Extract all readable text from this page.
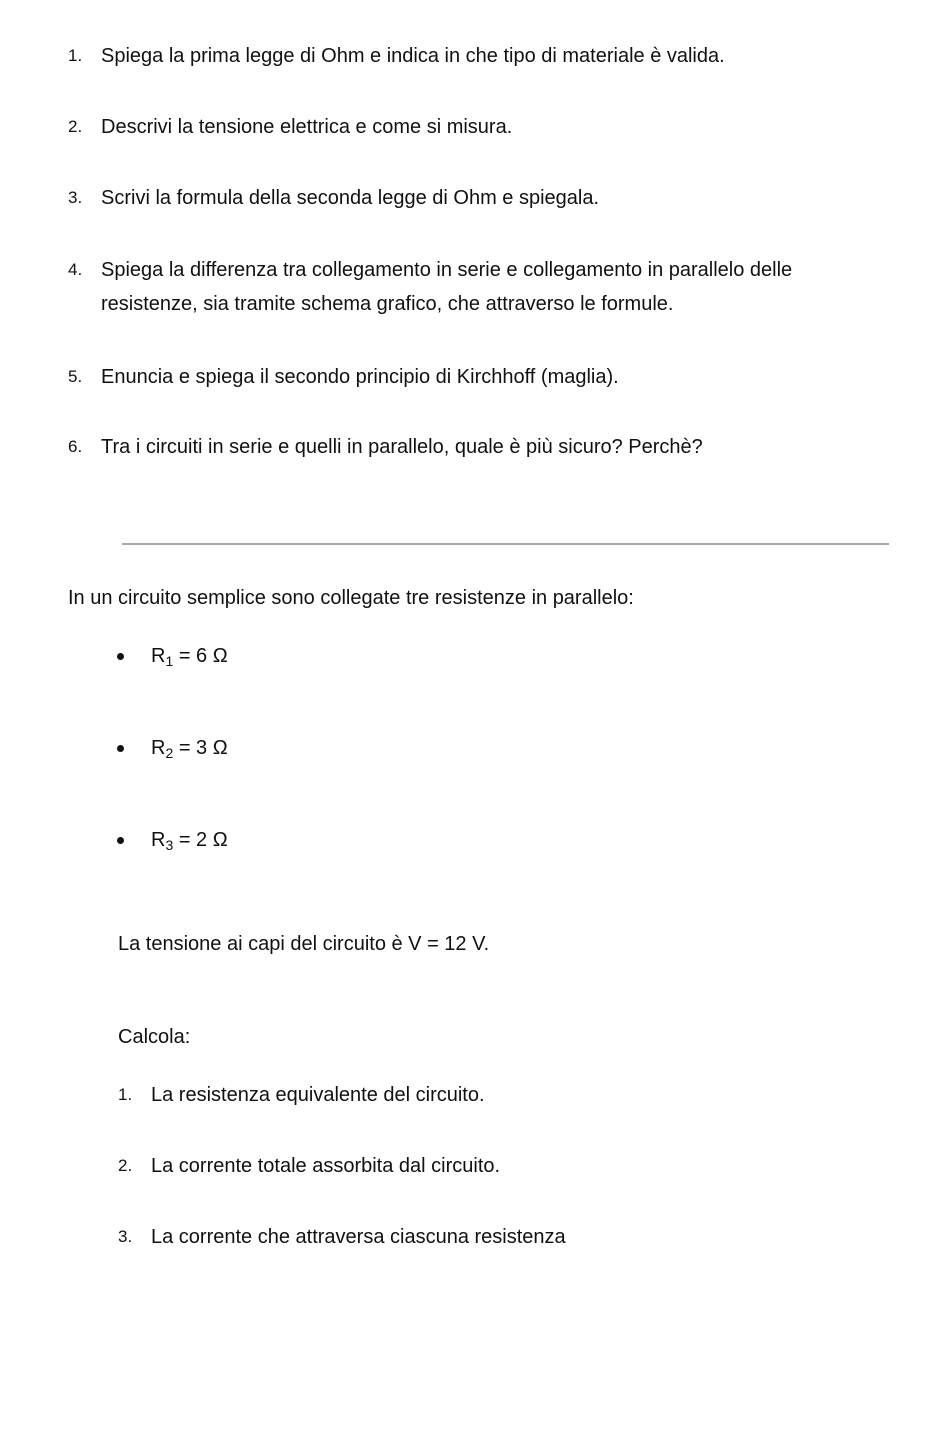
1. Spiega la prima legge di Ohm e indica in che tipo di materiale è valida.
2. Descrivi la tensione elettrica e come si misura.
3. Scrivi la formula della seconda legge di Ohm e spiegala.
4. Spiega la differenza tra collegamento in serie e collegamento in parallelo delle resistenze, sia tramite schema grafico, che attraverso le formule.
5. Enuncia e spiega il secondo principio di Kirchhoff (maglia).
6. Tra i circuiti in serie e quelli in parallelo, quale è più sicuro? Perchè?
In un circuito semplice sono collegate tre resistenze in parallelo:
R 1
= 6 Ω
R 2
= 3 Ω
R 3
= 2 Ω
La tensione ai capi del circuito è V = 12 V.
Calcola:
1. La resistenza equivalente del circuito.
2. La corrente totale assorbita dal circuito.
3. La corrente che attraversa ciascuna resistenza
